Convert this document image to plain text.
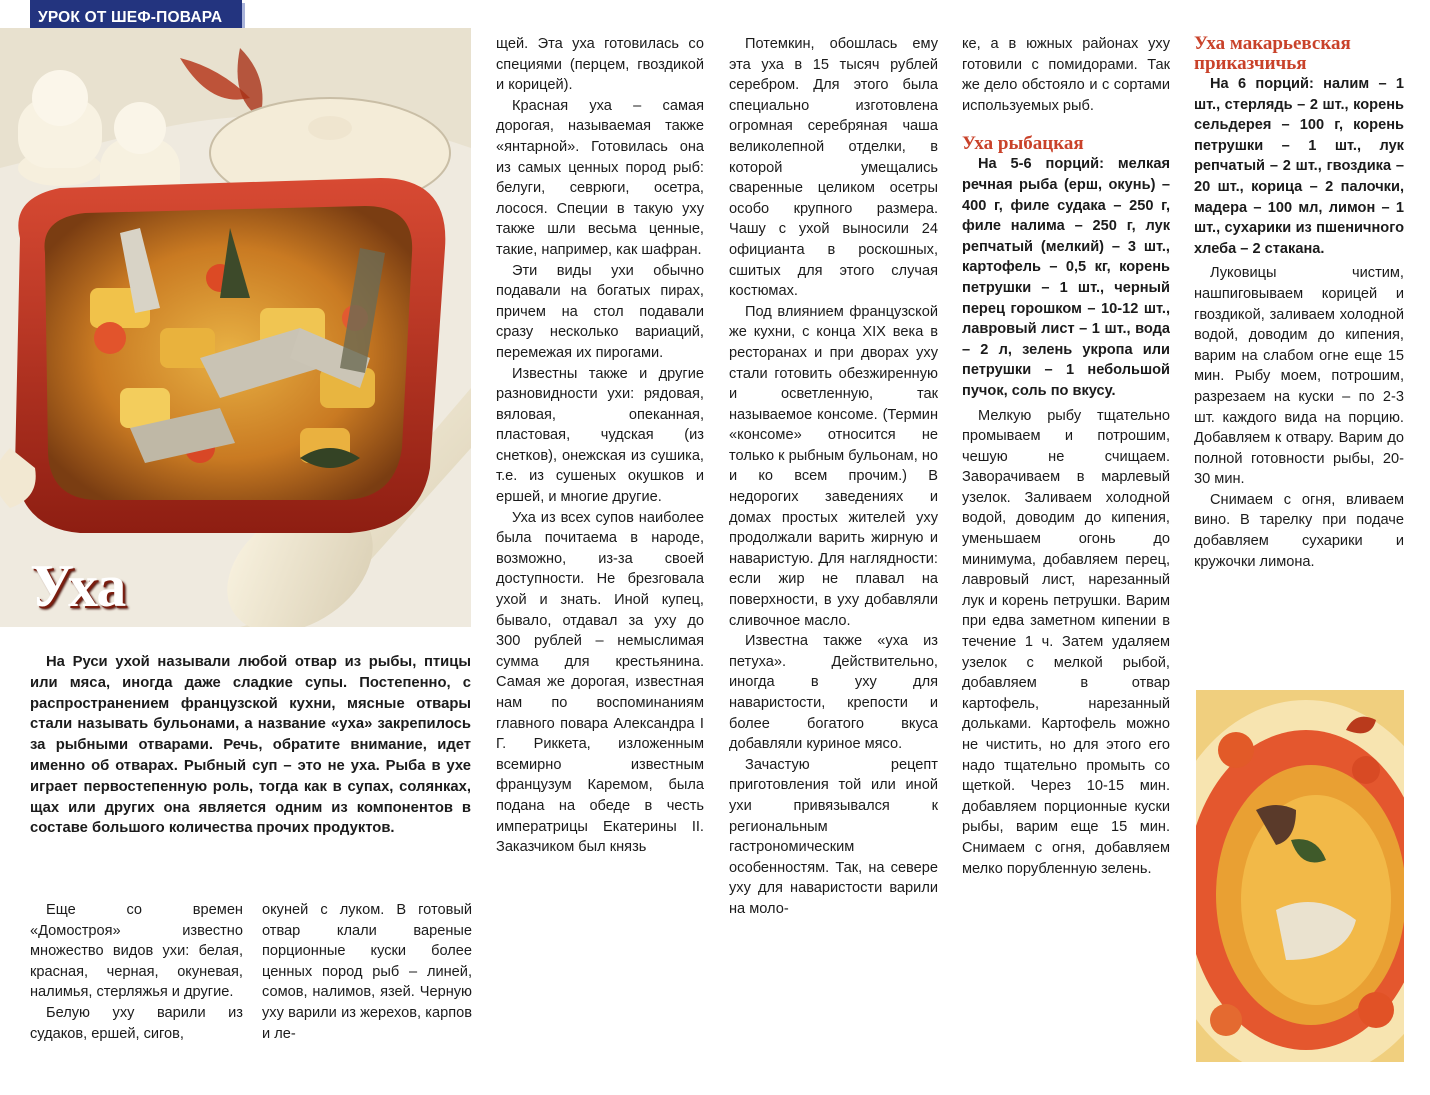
УРОК ОТ ШЕФ-ПОВАРА
Уха

На Руси ухой называли любой отвар из рыбы, птицы или мяса, иногда даже сладкие супы. Постепенно, с распространением французской кухни, мясные отвары стали называть бульонами, а название «уха» закрепилось за рыбными отварами. Речь, обратите внимание, идет именно об отварах. Рыбный суп – это не уха. Рыба в ухе играет первостепенную роль, тогда как в супах, солянках, щах или других она является одним из компонентов в составе большого количества прочих продуктов.

Еще со времен «Домостроя» известно множество видов ухи: белая, красная, черная, окуневая, налимья, стерляжья и другие.

Белую уху варили из судаков, ершей, сигов,

окуней с луком. В готовый отвар клали вареные порционные куски более ценных пород рыб – линей, сомов, налимов, язей. Черную уху варили из жерехов, карпов и ле-

щей. Эта уха готовилась со специями (перцем, гвоздикой и корицей).

Красная уха – самая дорогая, называемая также «янтарной». Готовилась она из самых ценных пород рыб: белуги, севрюги, осетра, лосося. Специи в такую уху также шли весьма ценные, такие, например, как шафран.

Эти виды ухи обычно подавали на богатых пирах, причем на стол подавали сразу несколько вариаций, перемежая их пирогами.

Известны также и другие разновидности ухи: рядовая, вяловая, опеканная, пластовая, чудская (из снетков), онежская из сушика, т.е. из сушеных окушков и ершей, и многие другие.

Уха из всех супов наиболее была почитаема в народе, возможно, из-за своей доступности. Не брезговала ухой и знать. Иной купец, бывало, отдавал за уху до 300 рублей – немыслимая сумма для крестьянина. Самая же дорогая, известная нам по воспоминаниям главного повара Александра I Г. Риккета, изложенным всемирно известным французум Каремом, была подана на обеде в честь императрицы Екатерины II. Заказчиком был князь

Потемкин, обошлась ему эта уха в 15 тысяч рублей серебром. Для этого была специально изготовлена огромная серебряная чаша великолепной отделки, в которой умещались сваренные целиком осетры особо крупного размера. Чашу с ухой выносили 24 официанта в роскошных, сшитых для этого случая костюмах.

Под влиянием французской же кухни, с конца XIX века в ресторанах и при дворах уху стали готовить обезжиренную и осветленную, так называемое консоме. (Термин «консоме» относится не только к рыбным бульонам, но и ко всем прочим.) В недорогих заведениях и домах простых жителей уху продолжали варить жирную и наваристую. Для наглядности: если жир не плавал на поверхности, в уху добавляли сливочное масло.

Известна также «уха из петуха». Действительно, иногда в уху для наваристости, крепости и более богатого вкуса добавляли куриное мясо.

Зачастую рецепт приготовления той или иной ухи привязывался к региональным гастрономическим особенностям. Так, на севере уху для наваристости варили на моло-

ке, а в южных районах уху готовили с помидорами. Так же дело обстояло и с сортами используемых рыб.

Уха рыбацкая

На 5-6 порций: мелкая речная рыба (ерш, окунь) – 400 г, филе судака – 250 г, филе налима – 250 г, лук репчатый (мелкий) – 3 шт., картофель – 0,5 кг, корень петрушки – 1 шт., черный перец горошком – 10-12 шт., лавровый лист – 1 шт., вода – 2 л, зелень укропа или петрушки – 1 небольшой пучок, соль по вкусу.

Мелкую рыбу тщательно промываем и потрошим, чешую не счищаем. Заворачиваем в марлевый узелок. Заливаем холодной водой, доводим до кипения, уменьшаем огонь до минимума, добавляем перец, лавровый лист, нарезанный лук и корень петрушки. Варим при едва заметном кипении в течение 1 ч. Затем удаляем узелок с мелкой рыбой, добавляем в отвар картофель, нарезанный дольками. Картофель можно не чистить, но для этого его надо тщательно промыть со щеткой. Через 10-15 мин. добавляем порционные куски рыбы, варим еще 15 мин. Снимаем с огня, добавляем мелко порубленную зелень.

Уха макарьевская приказчичья

На 6 порций: налим – 1 шт., стерлядь – 2 шт., корень сельдерея – 100 г, корень петрушки – 1 шт., лук репчатый – 2 шт., гвоздика – 20 шт., корица – 2 палочки, мадера – 100 мл, лимон – 1 шт., сухарики из пшеничного хлеба – 2 стакана.

Луковицы чистим, нашпиговываем корицей и гвоздикой, заливаем холодной водой, доводим до кипения, варим на слабом огне еще 15 мин. Рыбу моем, потрошим, разрезаем на куски – по 2-3 шт. каждого вида на порцию. Добавляем к отвару. Варим до полной готовности рыбы, 20-30 мин.

Снимаем с огня, вливаем вино. В тарелку при подаче добавляем сухарики и кружочки лимона.
